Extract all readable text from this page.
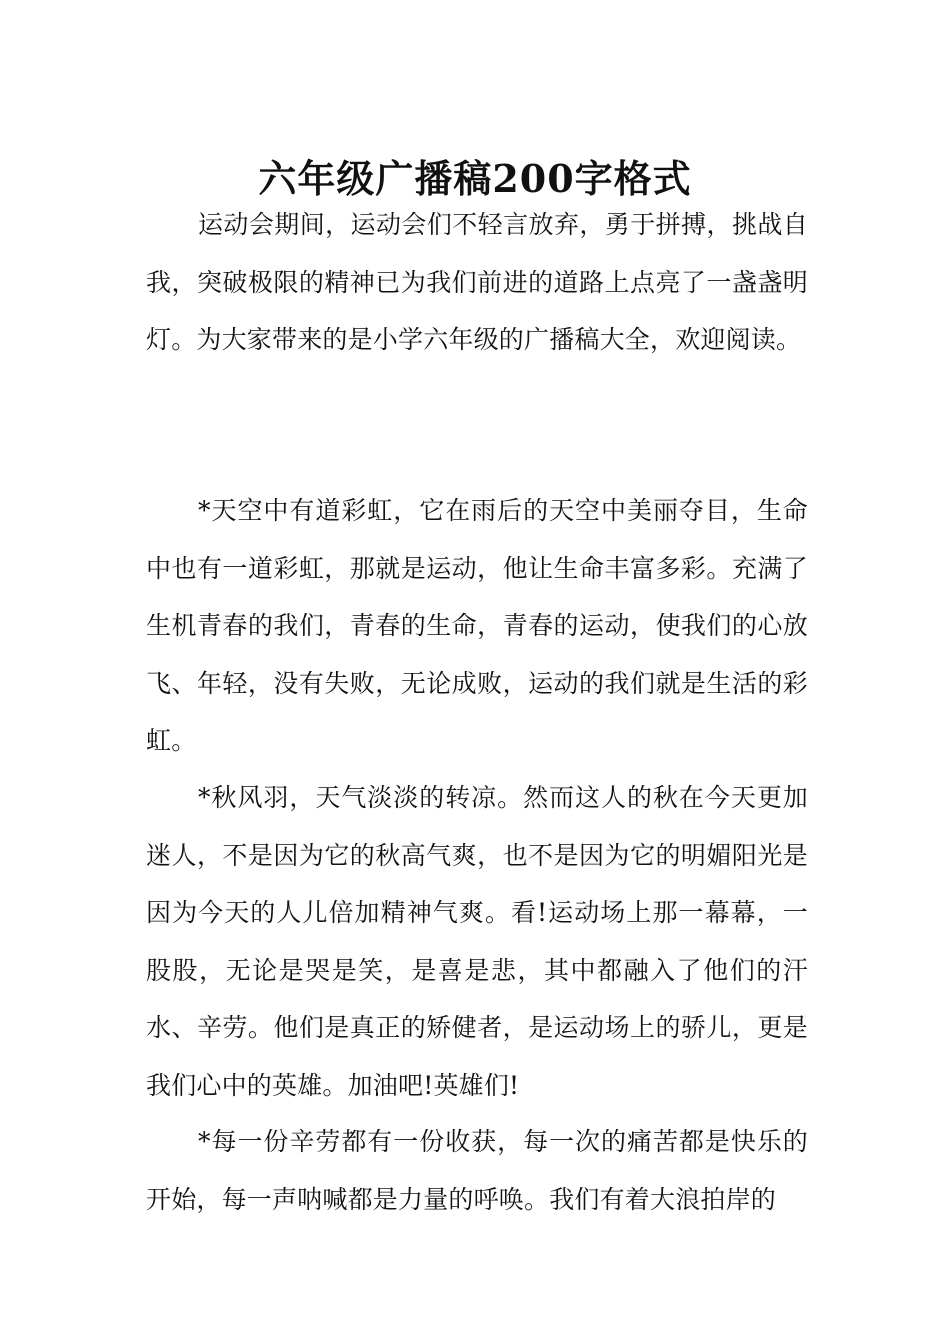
六年级广播稿200字格式

运动会期间，运动会们不轻言放弃，勇于拼搏，挑战自我，突破极限的精神已为我们前进的道路上点亮了一盏盏明灯。为大家带来的是小学六年级的广播稿大全，欢迎阅读。

*天空中有道彩虹，它在雨后的天空中美丽夺目，生命中也有一道彩虹，那就是运动，他让生命丰富多彩。充满了生机青春的我们，青春的生命，青春的运动，使我们的心放飞、年轻，没有失败，无论成败，运动的我们就是生活的彩虹。

*秋风羽，天气淡淡的转凉。然而这人的秋在今天更加迷人，不是因为它的秋高气爽，也不是因为它的明媚阳光是因为今天的人儿倍加精神气爽。看!运动场上那一幕幕，一股股，无论是哭是笑，是喜是悲，其中都融入了他们的汗水、辛劳。他们是真正的矫健者，是运动场上的骄儿，更是我们心中的英雄。加油吧!英雄们!

*每一份辛劳都有一份收获，每一次的痛苦都是快乐的开始，每一声呐喊都是力量的呼唤。我们有着大浪拍岸的
